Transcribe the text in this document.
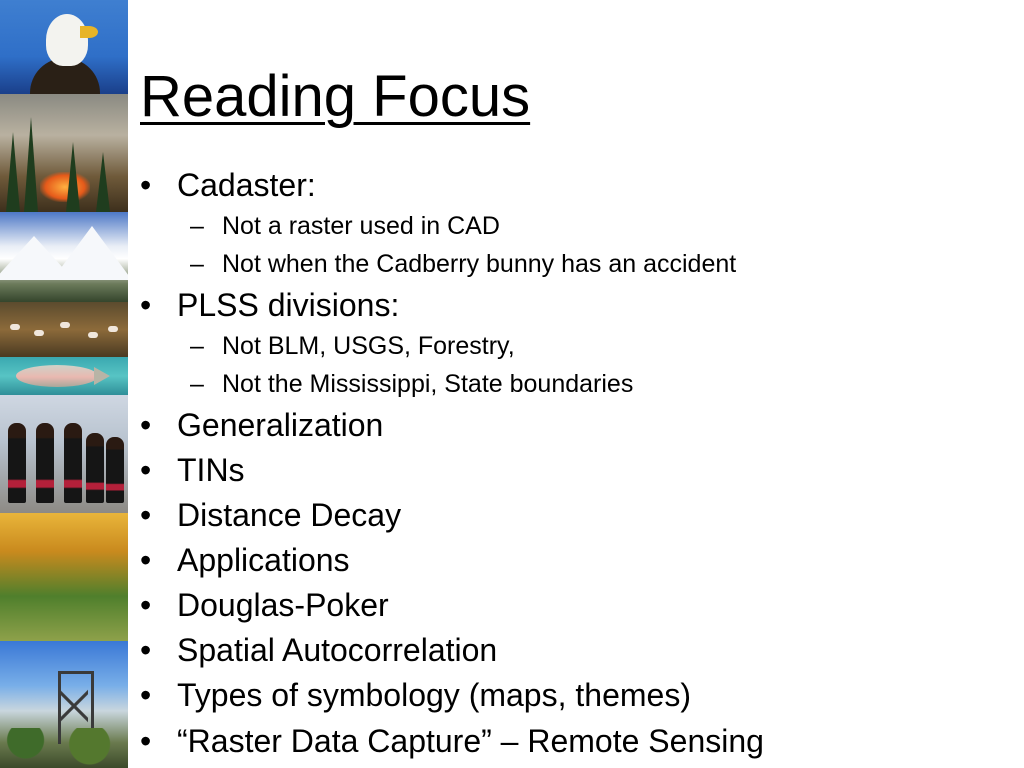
Reading Focus
• Cadaster:
– Not a raster used in CAD
– Not when the Cadberry bunny has an accident
• PLSS divisions:
– Not BLM, USGS, Forestry,
– Not the Mississippi, State boundaries
• Generalization
• TINs
• Distance Decay
• Applications
• Douglas-Poker
• Spatial Autocorrelation
• Types of symbology (maps, themes)
• “Raster Data Capture” – Remote Sensing
